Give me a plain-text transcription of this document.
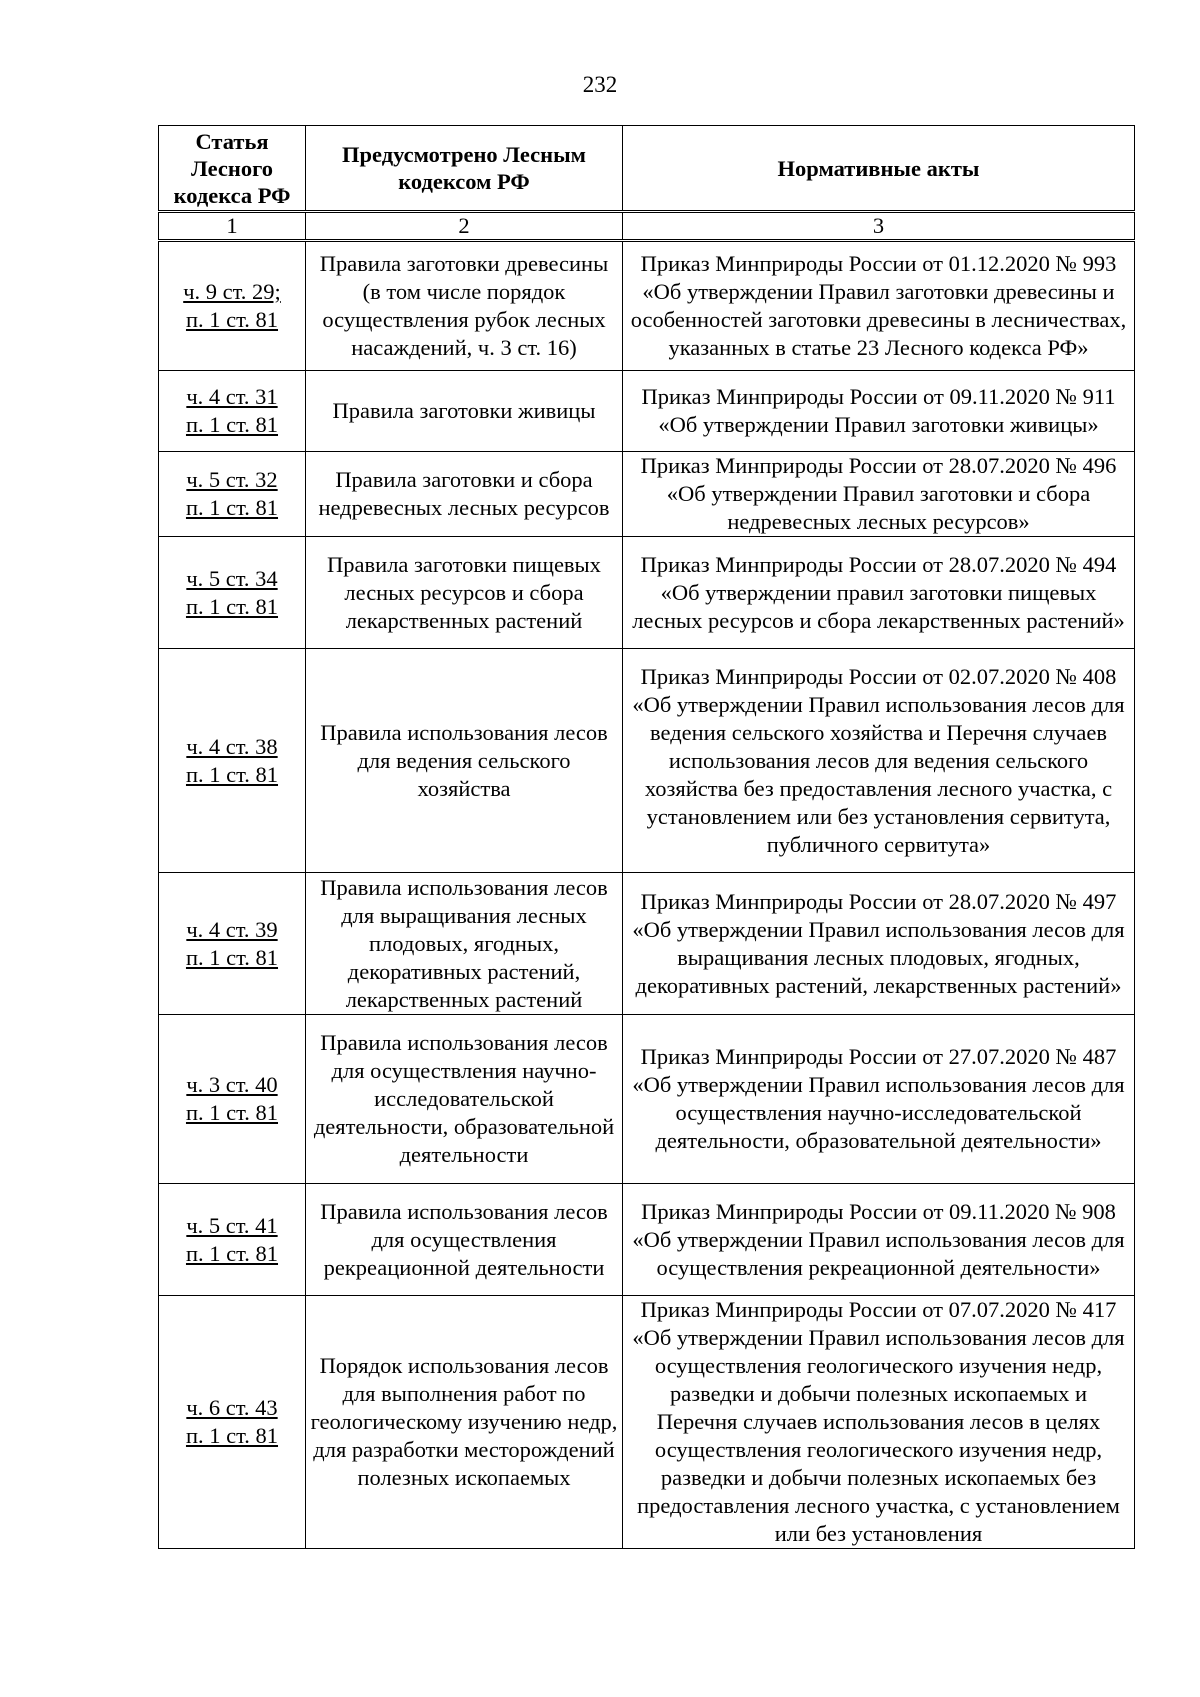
232
Статья Лесного кодекса РФ	Предусмотрено Лесным кодексом РФ	Нормативные акты
1	2	3
ч. 9 ст. 29;
п. 1 ст. 81	Правила заготовки древесины (в том числе порядок осуществления рубок лесных насаждений, ч. 3 ст. 16)	Приказ Минприроды России от 01.12.2020 № 993 «Об утверждении Правил заготовки древесины и особенностей заготовки древесины в лесничествах, указанных в статье 23 Лесного кодекса РФ»
ч. 4 ст. 31
п. 1 ст. 81	Правила заготовки живицы	Приказ Минприроды России от 09.11.2020 № 911 «Об утверждении Правил заготовки живицы»
ч. 5 ст. 32
п. 1 ст. 81	Правила заготовки и сбора недревесных лесных ресурсов	Приказ Минприроды России от 28.07.2020 № 496 «Об утверждении Правил заготовки и сбора недревесных лесных ресурсов»
ч. 5 ст. 34
п. 1 ст. 81	Правила заготовки пищевых лесных ресурсов и сбора лекарственных растений	Приказ Минприроды России от 28.07.2020 № 494 «Об утверждении правил заготовки пищевых лесных ресурсов и сбора лекарственных растений»
ч. 4 ст. 38
п. 1 ст. 81	Правила использования лесов для ведения сельского хозяйства	Приказ Минприроды России от 02.07.2020 № 408 «Об утверждении Правил использования лесов для ведения сельского хозяйства и Перечня случаев использования лесов для ведения сельского хозяйства без предоставления лесного участка, с установлением или без установления сервитута, публичного сервитута»
ч. 4 ст. 39
п. 1 ст. 81	Правила использования лесов для выращивания лесных плодовых, ягодных, декоративных растений, лекарственных растений	Приказ Минприроды России от 28.07.2020 № 497 «Об утверждении Правил использования лесов для выращивания лесных плодовых, ягодных, декоративных растений, лекарственных растений»
ч. 3 ст. 40
п. 1 ст. 81	Правила использования лесов для осуществления научно-исследовательской деятельности, образовательной деятельности	Приказ Минприроды России от 27.07.2020 № 487 «Об утверждении Правил использования лесов для осуществления научно-исследовательской деятельности, образовательной деятельности»
ч. 5 ст. 41
п. 1 ст. 81	Правила использования лесов для осуществления рекреационной деятельности	Приказ Минприроды России от 09.11.2020 № 908 «Об утверждении Правил использования лесов для осуществления рекреационной деятельности»
ч. 6 ст. 43
п. 1 ст. 81	Порядок использования лесов для выполнения работ по геологическому изучению недр, для разработки месторождений полезных ископаемых	Приказ Минприроды России от 07.07.2020 № 417 «Об утверждении Правил использования лесов для осуществления геологического изучения недр, разведки и добычи полезных ископаемых и Перечня случаев использования лесов в целях осуществления геологического изучения недр, разведки и добычи полезных ископаемых без предоставления лесного участка, с установлением или без установления
